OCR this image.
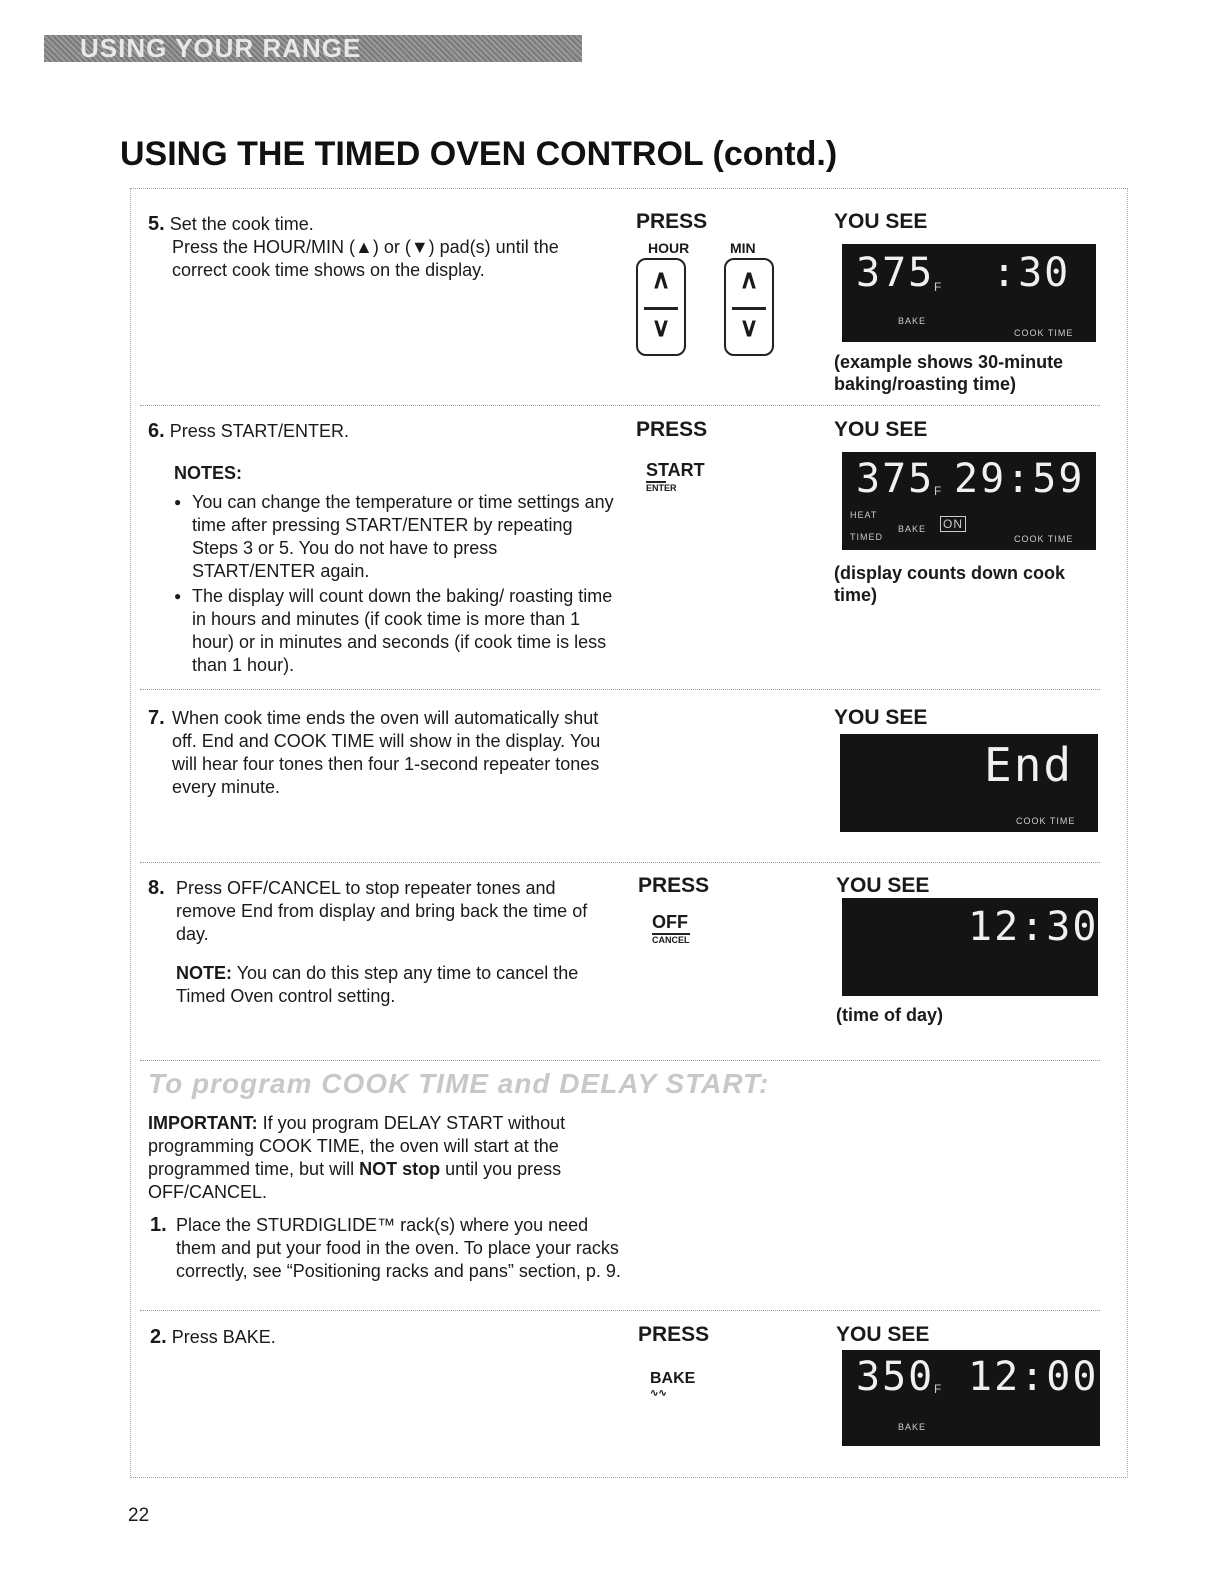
USING YOUR RANGE
USING THE TIMED OVEN CONTROL (contd.)
5. Set the cook time.
Press the HOUR/MIN (▲) or (▼) pad(s) until the correct cook time shows on the display.
PRESS
HOUR	MIN
∧
∨
∧
∨
YOU SEE
375 F :30
BAKE
COOK TIME
(example shows 30-minute baking/roasting time)
6. Press START/ENTER.
NOTES:
● You can change the temperature or time settings any time after pressing START/ENTER by repeating Steps 3 or 5. You do not have to press START/ENTER again.
● The display will count down the baking/ roasting time in hours and minutes (if cook time is more than 1 hour) or in minutes and seconds (if cook time is less than 1 hour).
PRESS
START
ENTER
YOU SEE
375 F 29:59
HEAT
TIMED
BAKE ON
COOK TIME
(display counts down cook time)
7. When cook time ends the oven will automatically shut off. End and COOK TIME will show in the display. You will hear four tones then four 1-second repeater tones every minute.
YOU SEE
End
COOK TIME
8. Press OFF/CANCEL to stop repeater tones and remove End from display and bring back the time of day.
NOTE: You can do this step any time to cancel the Timed Oven control setting.
PRESS
OFF
CANCEL
YOU SEE
12:30
(time of day)
To program COOK TIME and DELAY START:
IMPORTANT: If you program DELAY START without programming COOK TIME, the oven will start at the programmed time, but will NOT stop until you press OFF/CANCEL.
1. Place the STURDIGLIDE™ rack(s) where you need them and put your food in the oven. To place your racks correctly, see “Positioning racks and pans” section, p. 9.
2. Press BAKE.	PRESS
BAKE
∿∿
YOU SEE
350 F 12:00
BAKE
22
